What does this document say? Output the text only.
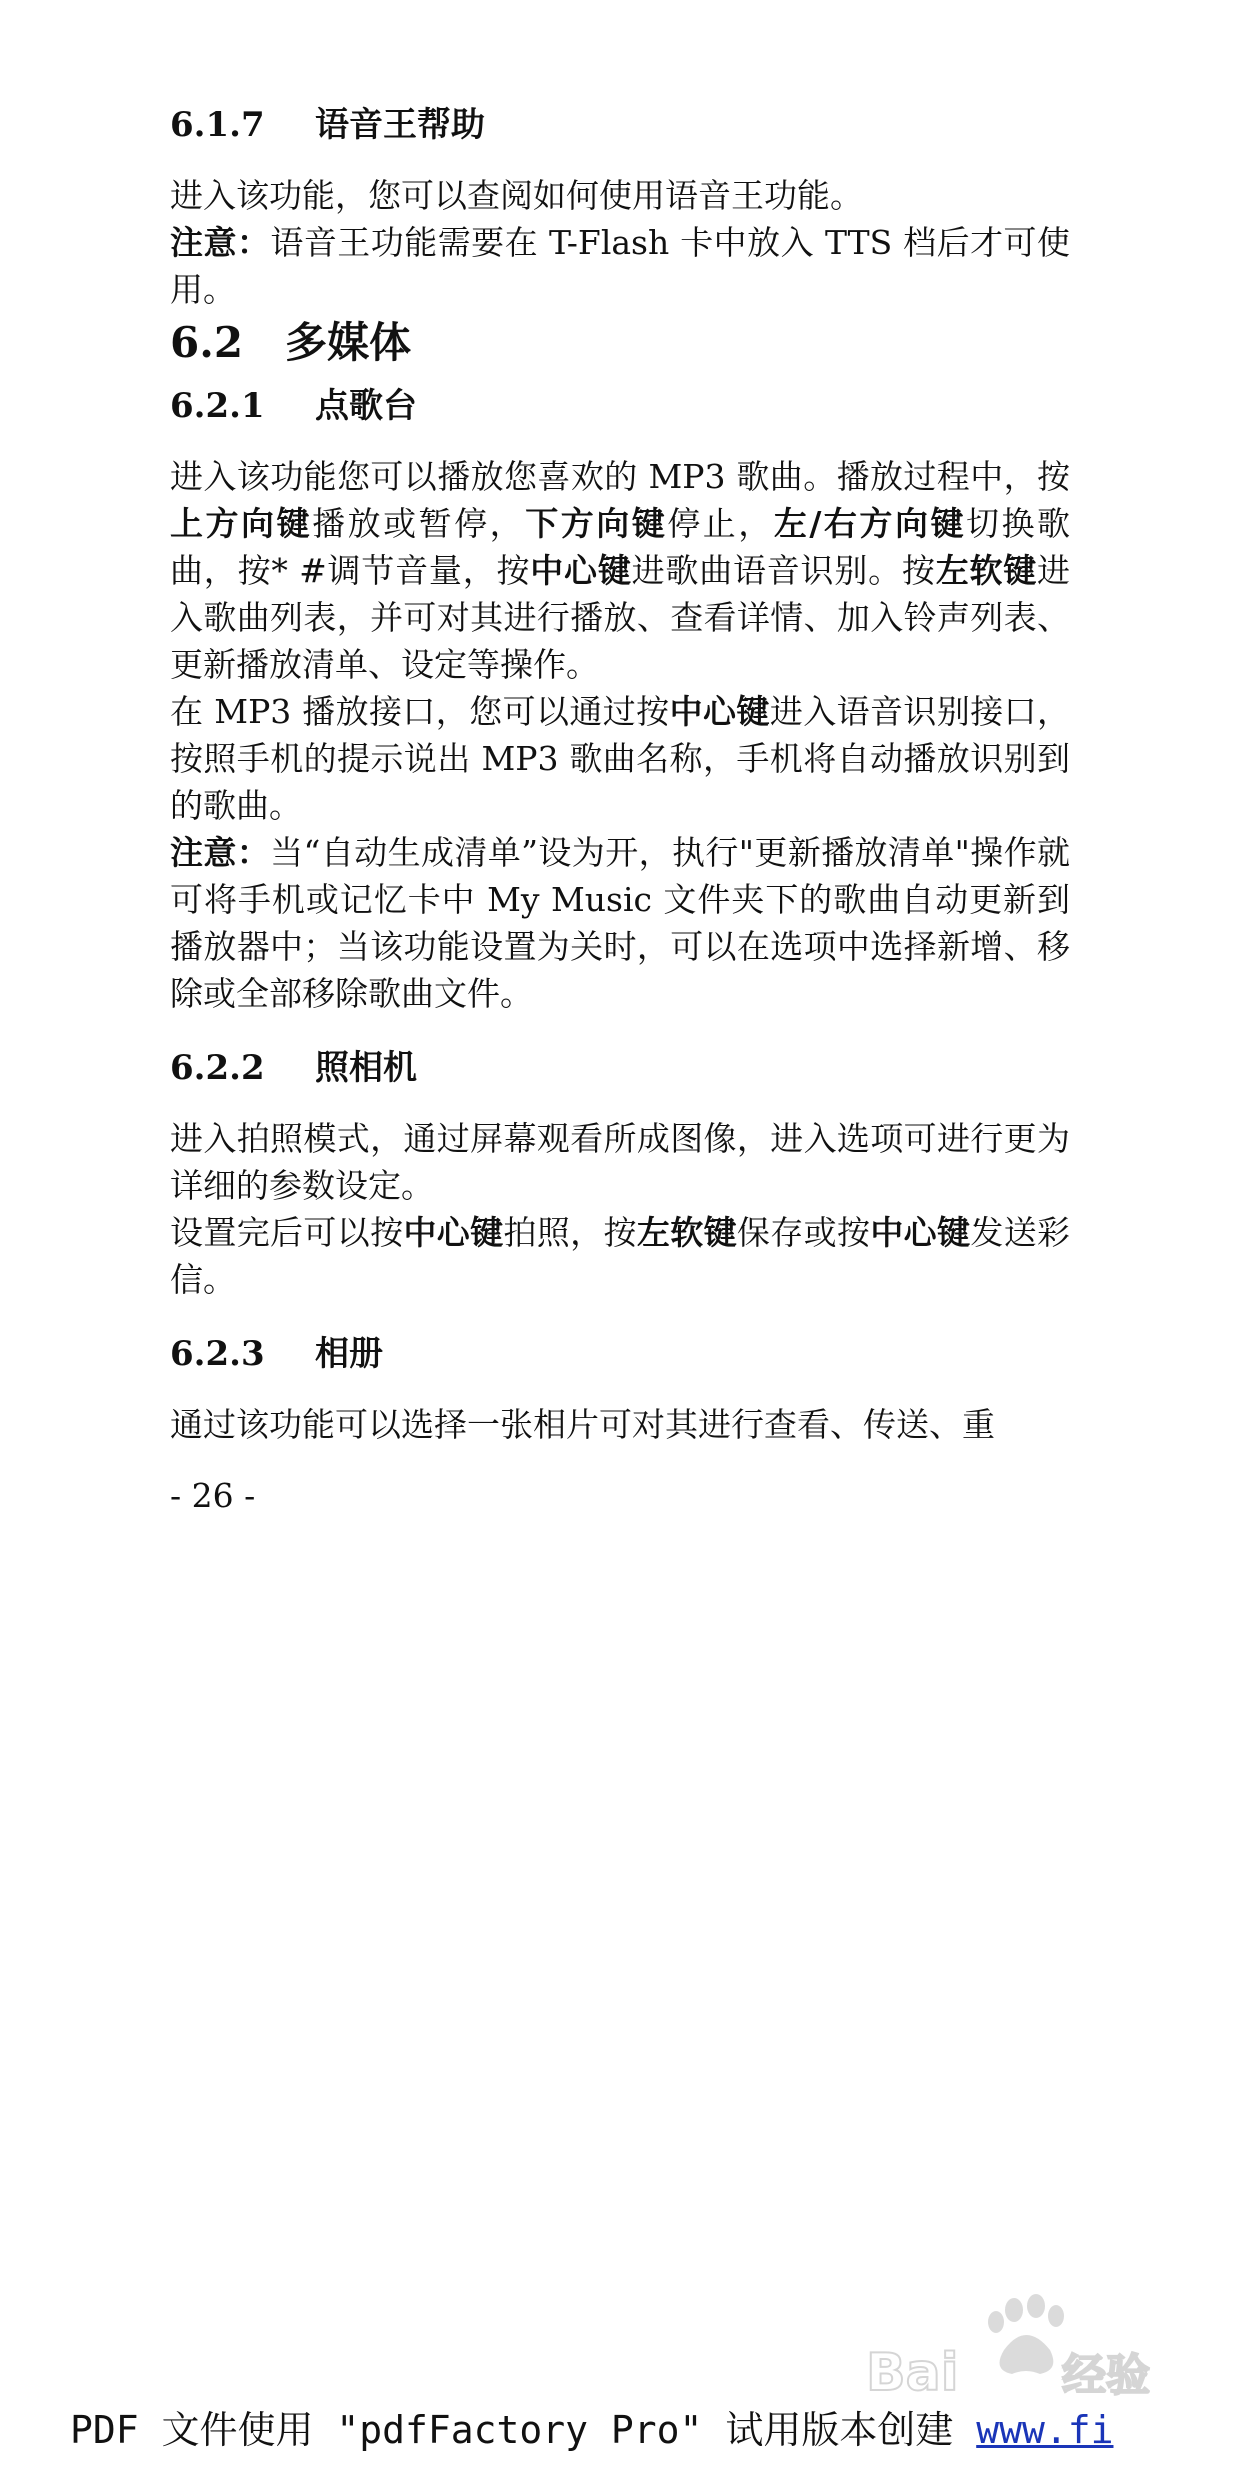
6.1.7	语音王帮助

进入该功能，您可以查阅如何使用语音王功能。

注意：语音王功能需要在 T-Flash 卡中放入 TTS 档后才可使用。

6.2 多媒体
6.2.1	点歌台

进入该功能您可以播放您喜欢的 MP3 歌曲。播放过程中，按上方向键播放或暂停，下方向键停止，左/右方向键切换歌曲，按* #调节音量，按中心键进歌曲语音识别。按左软键进入歌曲列表，并可对其进行播放、查看详情、加入铃声列表、更新播放清单、设定等操作。

在 MP3 播放接口，您可以通过按中心键进入语音识别接口，按照手机的提示说出 MP3 歌曲名称，手机将自动播放识别到的歌曲。

注意：当“自动生成清单”设为开，执行"更新播放清单"操作就可将手机或记忆卡中 My Music 文件夹下的歌曲自动更新到播放器中；当该功能设置为关时，可以在选项中选择新增、移除或全部移除歌曲文件。

6.2.2	照相机

进入拍照模式，通过屏幕观看所成图像，进入选项可进行更为详细的参数设定。

设置完后可以按中心键拍照，按左软键保存或按中心键发送彩信。

6.2.3	相册

通过该功能可以选择一张相片可对其进行查看、传送、重

- 26 -
Bai 经验
PDF 文件使用 "pdfFactory Pro" 试用版本创建 www.fi
